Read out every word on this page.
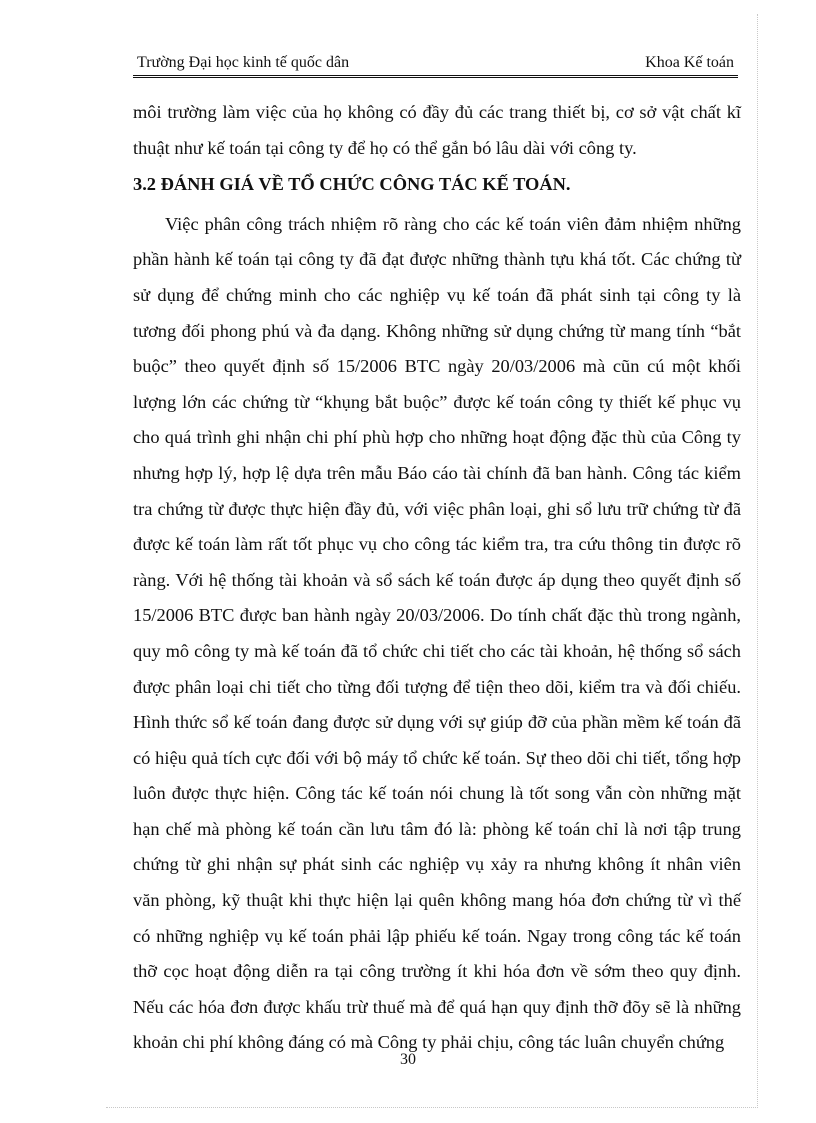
Trường Đại học kinh tế quốc dân	Khoa Kế toán

môi trường làm việc của họ không có đầy đủ các trang thiết bị, cơ sở vật chất kĩ thuật như kế toán tại công ty để họ có thể gắn bó lâu dài với công ty.

3.2 ĐÁNH GIÁ VỀ TỔ CHỨC CÔNG TÁC KẾ TOÁN.

Việc phân công trách nhiệm rõ ràng cho các kế toán viên đảm nhiệm những phần hành kế toán tại công ty đã đạt được những thành tựu khá tốt. Các chứng từ sử dụng để chứng minh cho các nghiệp vụ kế toán đã phát sinh tại công ty là tương đối phong phú và đa dạng. Không những sử dụng chứng từ mang tính “bắt buộc” theo quyết định số 15/2006 BTC ngày 20/03/2006 mà cũn cú một khối lượng lớn các chứng từ “khụng bắt buộc” được kế toán công ty thiết kế phục vụ cho quá trình ghi nhận chi phí phù hợp cho những hoạt động đặc thù của Công ty nhưng hợp lý, hợp lệ dựa trên mẫu Báo cáo tài chính đã ban hành. Công tác kiểm tra chứng từ được thực hiện đầy đủ, với việc phân loại, ghi sổ lưu trữ chứng từ đã được kế toán làm rất tốt phục vụ cho công tác kiểm tra, tra cứu thông tin được rõ ràng. Với hệ thống tài khoản và sổ sách kế toán được áp dụng theo quyết định số 15/2006 BTC được ban hành ngày 20/03/2006. Do tính chất đặc thù trong ngành, quy mô công ty mà kế toán đã tổ chức chi tiết cho các tài khoản, hệ thống sổ sách được phân loại chi tiết cho từng đối tượng để tiện theo dõi, kiểm tra và đối chiếu. Hình thức sổ kế toán đang được sử dụng với sự giúp đỡ của phần mềm kế toán đã có hiệu quả tích cực đối với bộ máy tổ chức kế toán. Sự theo dõi chi tiết, tổng hợp luôn được thực hiện. Công tác kế toán nói chung là tốt song vẫn còn những mặt hạn chế mà phòng kế toán cần lưu tâm đó là: phòng kế toán chỉ là nơi tập trung chứng từ ghi nhận sự phát sinh các nghiệp vụ xảy ra nhưng không ít nhân viên văn phòng, kỹ thuật khi thực hiện lại quên không mang hóa đơn chứng từ vì thế có những nghiệp vụ kế toán phải lập phiếu kế toán. Ngay trong công tác kế toán thỡ cọc hoạt động diễn ra tại công trường ít khi hóa đơn về sớm theo quy định. Nếu các hóa đơn được khấu trừ thuế mà để quá hạn quy định thỡ đõy sẽ là những khoản chi phí không đáng có mà Công ty phải chịu, công tác luân chuyển chứng

30
